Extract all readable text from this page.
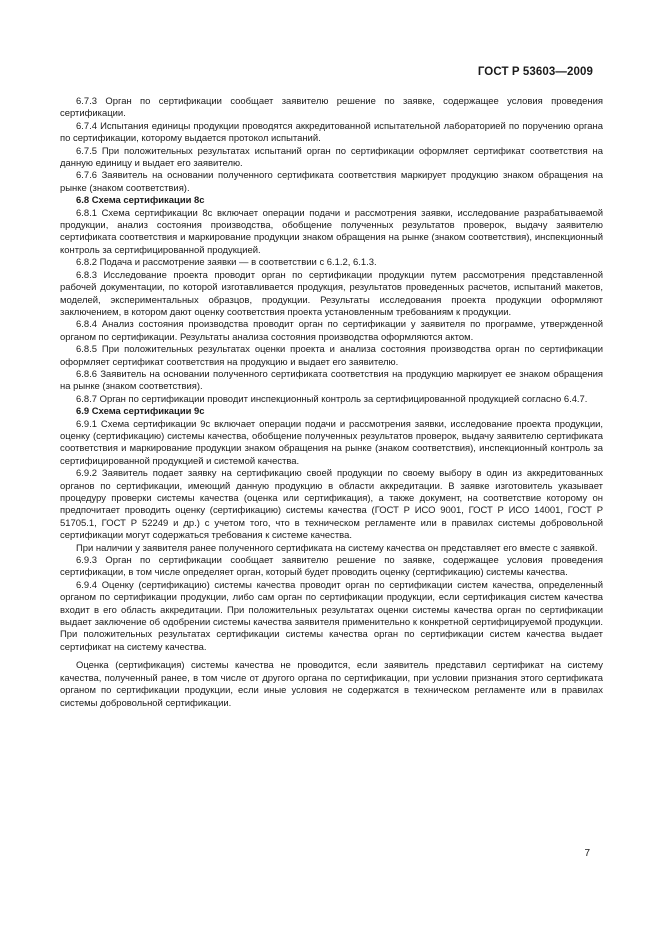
ГОСТ Р 53603—2009

6.7.3 Орган по сертификации сообщает заявителю решение по заявке, содержащее условия проведения сертификации.

6.7.4 Испытания единицы продукции проводятся аккредитованной испытательной лабораторией по поручению органа по сертификации, которому выдается протокол испытаний.

6.7.5 При положительных результатах испытаний орган по сертификации оформляет сертификат соответствия на данную единицу и выдает его заявителю.

6.7.6 Заявитель на основании полученного сертификата соответствия маркирует продукцию знаком обращения на рынке (знаком соответствия).

6.8 Схема сертификации 8с

6.8.1 Схема сертификации 8с включает операции подачи и рассмотрения заявки, исследование разрабатываемой продукции, анализ состояния производства, обобщение полученных результатов проверок, выдачу заявителю сертификата соответствия и маркирование продукции знаком обращения на рынке (знаком соответствия), инспекционный контроль за сертифицированной продукцией.

6.8.2 Подача и рассмотрение заявки — в соответствии с 6.1.2, 6.1.3.

6.8.3 Исследование проекта проводит орган по сертификации продукции путем рассмотрения представленной рабочей документации, по которой изготавливается продукция, результатов проведенных расчетов, испытаний макетов, моделей, экспериментальных образцов, продукции. Результаты исследования проекта продукции оформляют заключением, в котором дают оценку соответствия проекта установленным требованиям к продукции.

6.8.4 Анализ состояния производства проводит орган по сертификации у заявителя по программе, утвержденной органом по сертификации. Результаты анализа состояния производства оформляются актом.

6.8.5 При положительных результатах оценки проекта и анализа состояния производства орган по сертификации оформляет сертификат соответствия на продукцию и выдает его заявителю.

6.8.6 Заявитель на основании полученного сертификата соответствия на продукцию маркирует ее знаком обращения на рынке (знаком соответствия).

6.8.7 Орган по сертификации проводит инспекционный контроль за сертифицированной продукцией согласно 6.4.7.

6.9 Схема сертификации 9с

6.9.1 Схема сертификации 9с включает операции подачи и рассмотрения заявки, исследование проекта продукции, оценку (сертификацию) системы качества, обобщение полученных результатов проверок, выдачу заявителю сертификата соответствия и маркирование продукции знаком обращения на рынке (знаком соответствия), инспекционный контроль за сертифицированной продукцией и системой качества.

6.9.2 Заявитель подает заявку на сертификацию своей продукции по своему выбору в один из аккредитованных органов по сертификации, имеющий данную продукцию в области аккредитации. В заявке изготовитель указывает процедуру проверки системы качества (оценка или сертификация), а также документ, на соответствие которому он предпочитает проводить оценку (сертификацию) системы качества (ГОСТ Р ИСО 9001, ГОСТ Р ИСО 14001, ГОСТ Р 51705.1, ГОСТ Р 52249 и др.) с учетом того, что в техническом регламенте или в правилах системы добровольной сертификации могут содержаться требования к системе качества.

При наличии у заявителя ранее полученного сертификата на систему качества он представляет его вместе с заявкой.

6.9.3 Орган по сертификации сообщает заявителю решение по заявке, содержащее условия проведения сертификации, в том числе определяет орган, который будет проводить оценку (сертификацию) системы качества.

6.9.4 Оценку (сертификацию) системы качества проводит орган по сертификации систем качества, определенный органом по сертификации продукции, либо сам орган по сертификации продукции, если сертификация систем качества входит в его область аккредитации. При положительных результатах оценки системы качества орган по сертификации выдает заключение об одобрении системы качества заявителя применительно к конкретной сертифицируемой продукции. При положительных результатах сертификации системы качества орган по сертификации систем качества выдает сертификат на систему качества.

Оценка (сертификация) системы качества не проводится, если заявитель представил сертификат на систему качества, полученный ранее, в том числе от другого органа по сертификации, при условии признания этого сертификата органом по сертификации продукции, если иные условия не содержатся в техническом регламенте или в правилах системы добровольной сертификации.

7
